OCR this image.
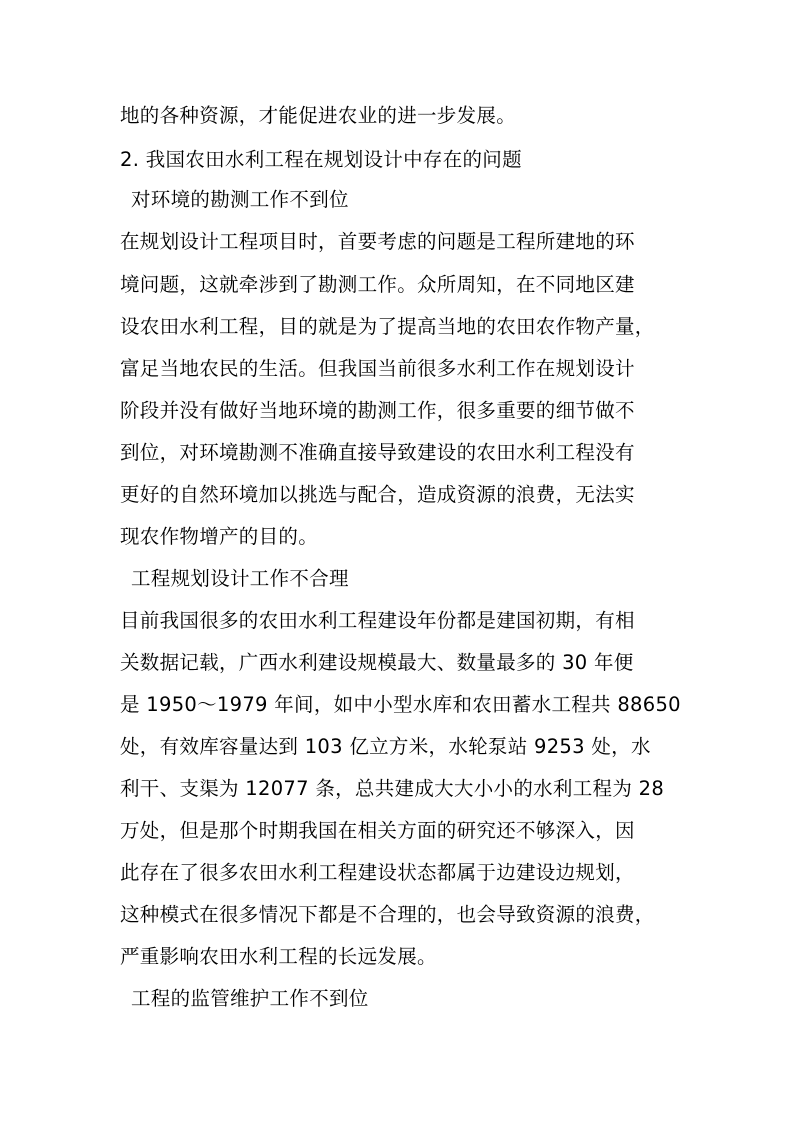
地的各种资源，才能促进农业的进一步发展。
2. 我国农田水利工程在规划设计中存在的问题
对环境的勘测工作不到位
在规划设计工程项目时，首要考虑的问题是工程所建地的环
境问题，这就牵涉到了勘测工作。众所周知，在不同地区建
设农田水利工程，目的就是为了提高当地的农田农作物产量，
富足当地农民的生活。但我国当前很多水利工作在规划设计
阶段并没有做好当地环境的勘测工作，很多重要的细节做不
到位，对环境勘测不准确直接导致建设的农田水利工程没有
更好的自然环境加以挑选与配合，造成资源的浪费，无法实
现农作物增产的目的。
工程规划设计工作不合理
目前我国很多的农田水利工程建设年份都是建国初期，有相
关数据记载，广西水利建设规模最大、数量最多的 30 年便
是 1950～1979 年间，如中小型水库和农田蓄水工程共 88650
处，有效库容量达到 103 亿立方米，水轮泵站 9253 处，水
利干、支渠为 12077 条，总共建成大大小小的水利工程为 28
万处，但是那个时期我国在相关方面的研究还不够深入，因
此存在了很多农田水利工程建设状态都属于边建设边规划，
这种模式在很多情况下都是不合理的，也会导致资源的浪费，
严重影响农田水利工程的长远发展。
工程的监管维护工作不到位
